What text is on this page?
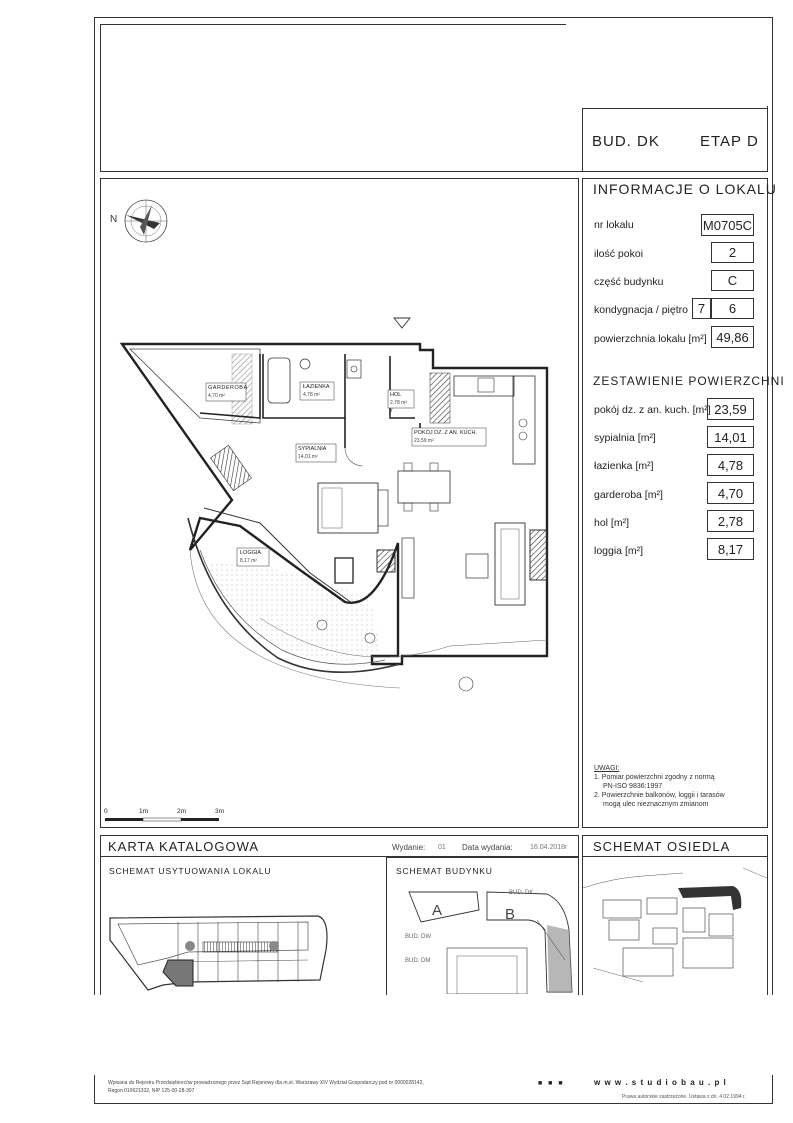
BUD. DK	ETAP D
INFORMACJE O LOKALU
nr lokalu	M0705C
ilość pokoi	2
część budynku	C
kondygnacja / piętro 7	6
powierzchnia lokalu [m²] 49,86
ZESTAWIENIE POWIERZCHNI
pokój dz. z an. kuch. [m²] 23,59
sypialnia [m²]	14,01
łazienka [m²]	4,78
garderoba [m²]	4,70
hol [m²]	2,78
loggia [m²]	8,17
UWAGI:
1. Pomiar powierzchni zgodny z normą
PN-ISO 9836:1997
2. Powierzchnie balkonów, loggii i tarasów
mogą ulec nieznacznym zmianom
N
GARDEROBA
4,70 m²
ŁAZIENKA
4,78 m²	HOL
2,78 m²
POKÓJ DZ. Z AN. KUCH.
23,59 m²
SYPIALNIA
14,01 m²
LOGGIA
8,17 m²
0	1m	2m	3m
KARTA KATALOGOWA	Wydanie: 01 Data wydania: 16.04.2018r
SCHEMAT USYTUOWANIA LOKALU	SCHEMAT BUDYNKU
SCHEMAT OSIEDLA
A	B
BUD. DK
BUD. DW
BUD. DM
Wpisana do Rejestru Przedsiębiorców prowadzonego przez Sąd Rejonowy dla m.st. Warszawy XIV Wydział Gospodarczy pod nr 0000028142, Regon 010621332, NIP 125-00-28-307
■ ■ ■	w w w . s t u d i o b a u . p l
Prawa autorskie zastrzeżone. Ustawa z dn. 4.02.1994 r.
